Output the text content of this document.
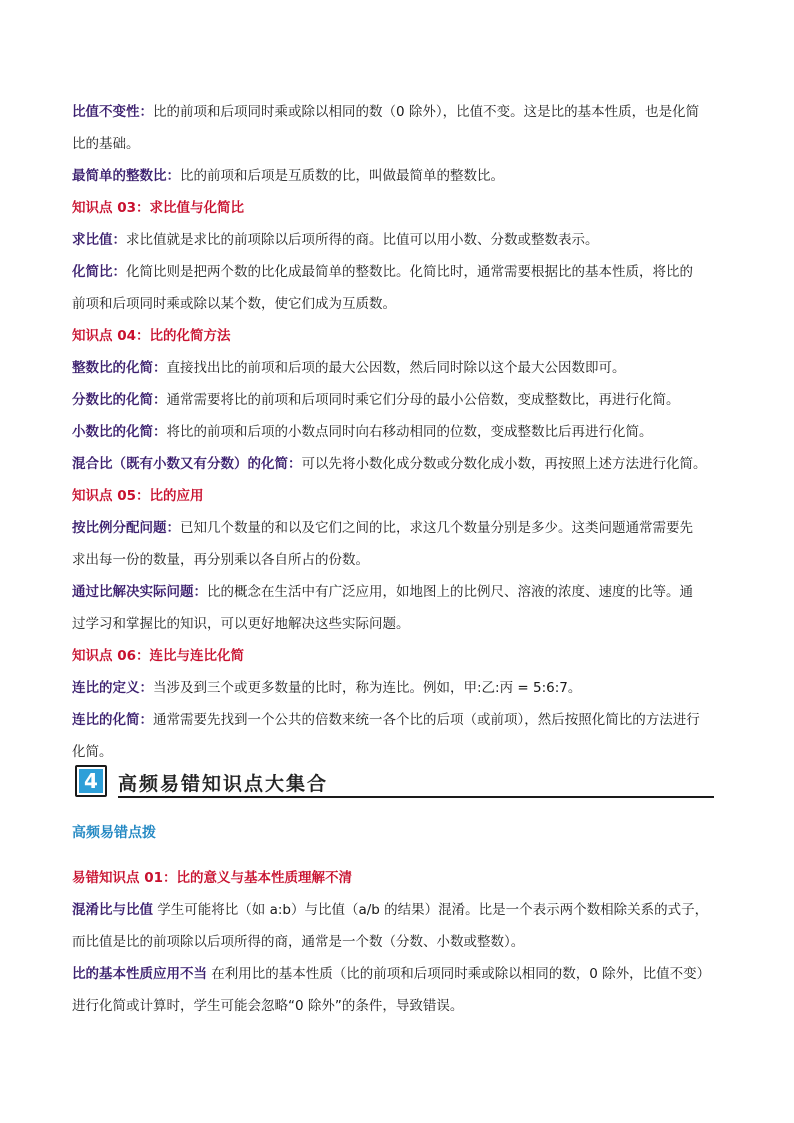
比值不变性：比的前项和后项同时乘或除以相同的数（0 除外），比值不变。这是比的基本性质，也是化简
比的基础。
最简单的整数比：比的前项和后项是互质数的比，叫做最简单的整数比。
知识点 03：求比值与化简比
求比值：求比值就是求比的前项除以后项所得的商。比值可以用小数、分数或整数表示。
化简比：化简比则是把两个数的比化成最简单的整数比。化简比时，通常需要根据比的基本性质，将比的
前项和后项同时乘或除以某个数，使它们成为互质数。
知识点 04：比的化简方法
整数比的化简：直接找出比的前项和后项的最大公因数，然后同时除以这个最大公因数即可。
分数比的化简：通常需要将比的前项和后项同时乘它们分母的最小公倍数，变成整数比，再进行化简。
小数比的化简：将比的前项和后项的小数点同时向右移动相同的位数，变成整数比后再进行化简。
混合比（既有小数又有分数）的化简：可以先将小数化成分数或分数化成小数，再按照上述方法进行化简。
知识点 05：比的应用
按比例分配问题：已知几个数量的和以及它们之间的比，求这几个数量分别是多少。这类问题通常需要先
求出每一份的数量，再分别乘以各自所占的份数。
通过比解决实际问题：比的概念在生活中有广泛应用，如地图上的比例尺、溶液的浓度、速度的比等。通
过学习和掌握比的知识，可以更好地解决这些实际问题。
知识点 06：连比与连比化简
连比的定义：当涉及到三个或更多数量的比时，称为连比。例如，甲:乙:丙 = 5:6:7。
连比的化简：通常需要先找到一个公共的倍数来统一各个比的后项（或前项），然后按照化简比的方法进行
化简。
4 高频易错知识点大集合
高频易错点拨
易错知识点 01：比的意义与基本性质理解不清
混淆比与比值 学生可能将比（如 a:b）与比值（a/b 的结果）混淆。比是一个表示两个数相除关系的式子，
而比值是比的前项除以后项所得的商，通常是一个数（分数、小数或整数）。
比的基本性质应用不当 在利用比的基本性质（比的前项和后项同时乘或除以相同的数，0 除外，比值不变）
进行化简或计算时，学生可能会忽略“0 除外”的条件，导致错误。
